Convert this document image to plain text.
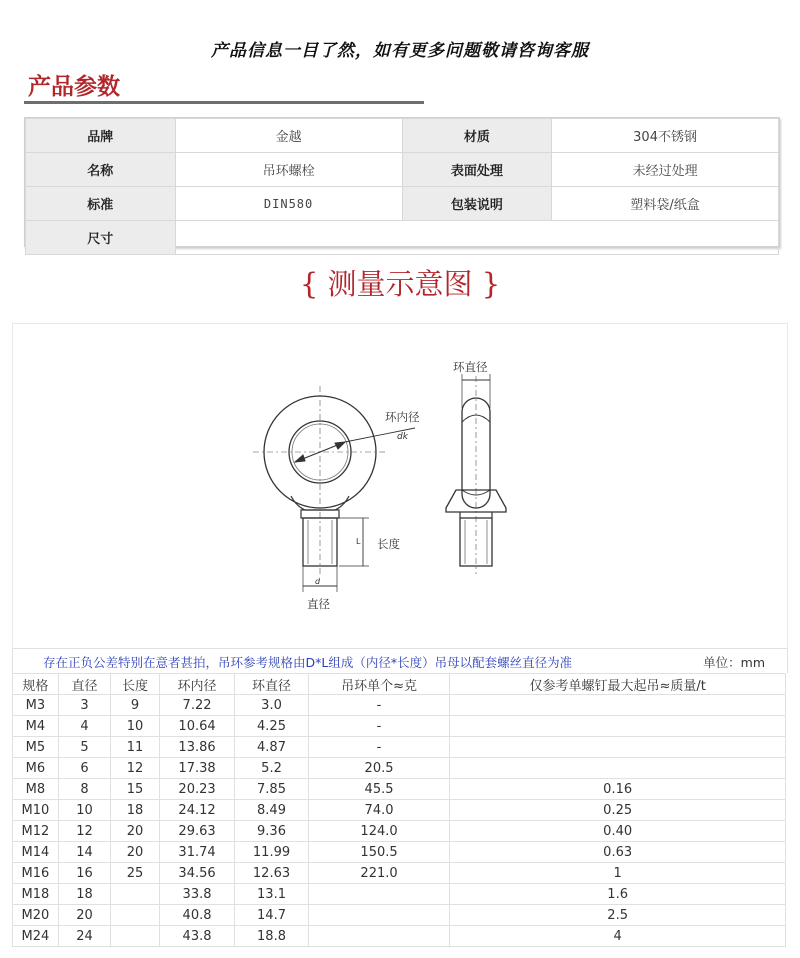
产品信息一目了然，如有更多问题敬请咨询客服
产品参数
品牌	金越	材质	304不锈钢
名称	吊环螺栓	表面处理	未经过处理
标准	DIN580	包装说明	塑料袋/纸盒
尺寸			
{ 测量示意图 }
环内径
dk
长度
L
直径
d
环直径
存在正负公差特别在意者甚拍，吊环参考规格由D*L组成（内径*长度）吊母以配套螺丝直径为准	单位：mm
规格	直径	长度	环内径	环直径	吊环单个≈克	仅参考单螺钉最大起吊≈质量/t
M3	3	9	7.22	3.0	-	
M4	4	10	10.64	4.25	-	
M5	5	11	13.86	4.87	-	
M6	6	12	17.38	5.2	20.5	
M8	8	15	20.23	7.85	45.5	0.16
M10	10	18	24.12	8.49	74.0	0.25
M12	12	20	29.63	9.36	124.0	0.40
M14	14	20	31.74	11.99	150.5	0.63
M16	16	25	34.56	12.63	221.0	1
M18	18		33.8	13.1		1.6
M20	20		40.8	14.7		2.5
M24	24		43.8	18.8		4
